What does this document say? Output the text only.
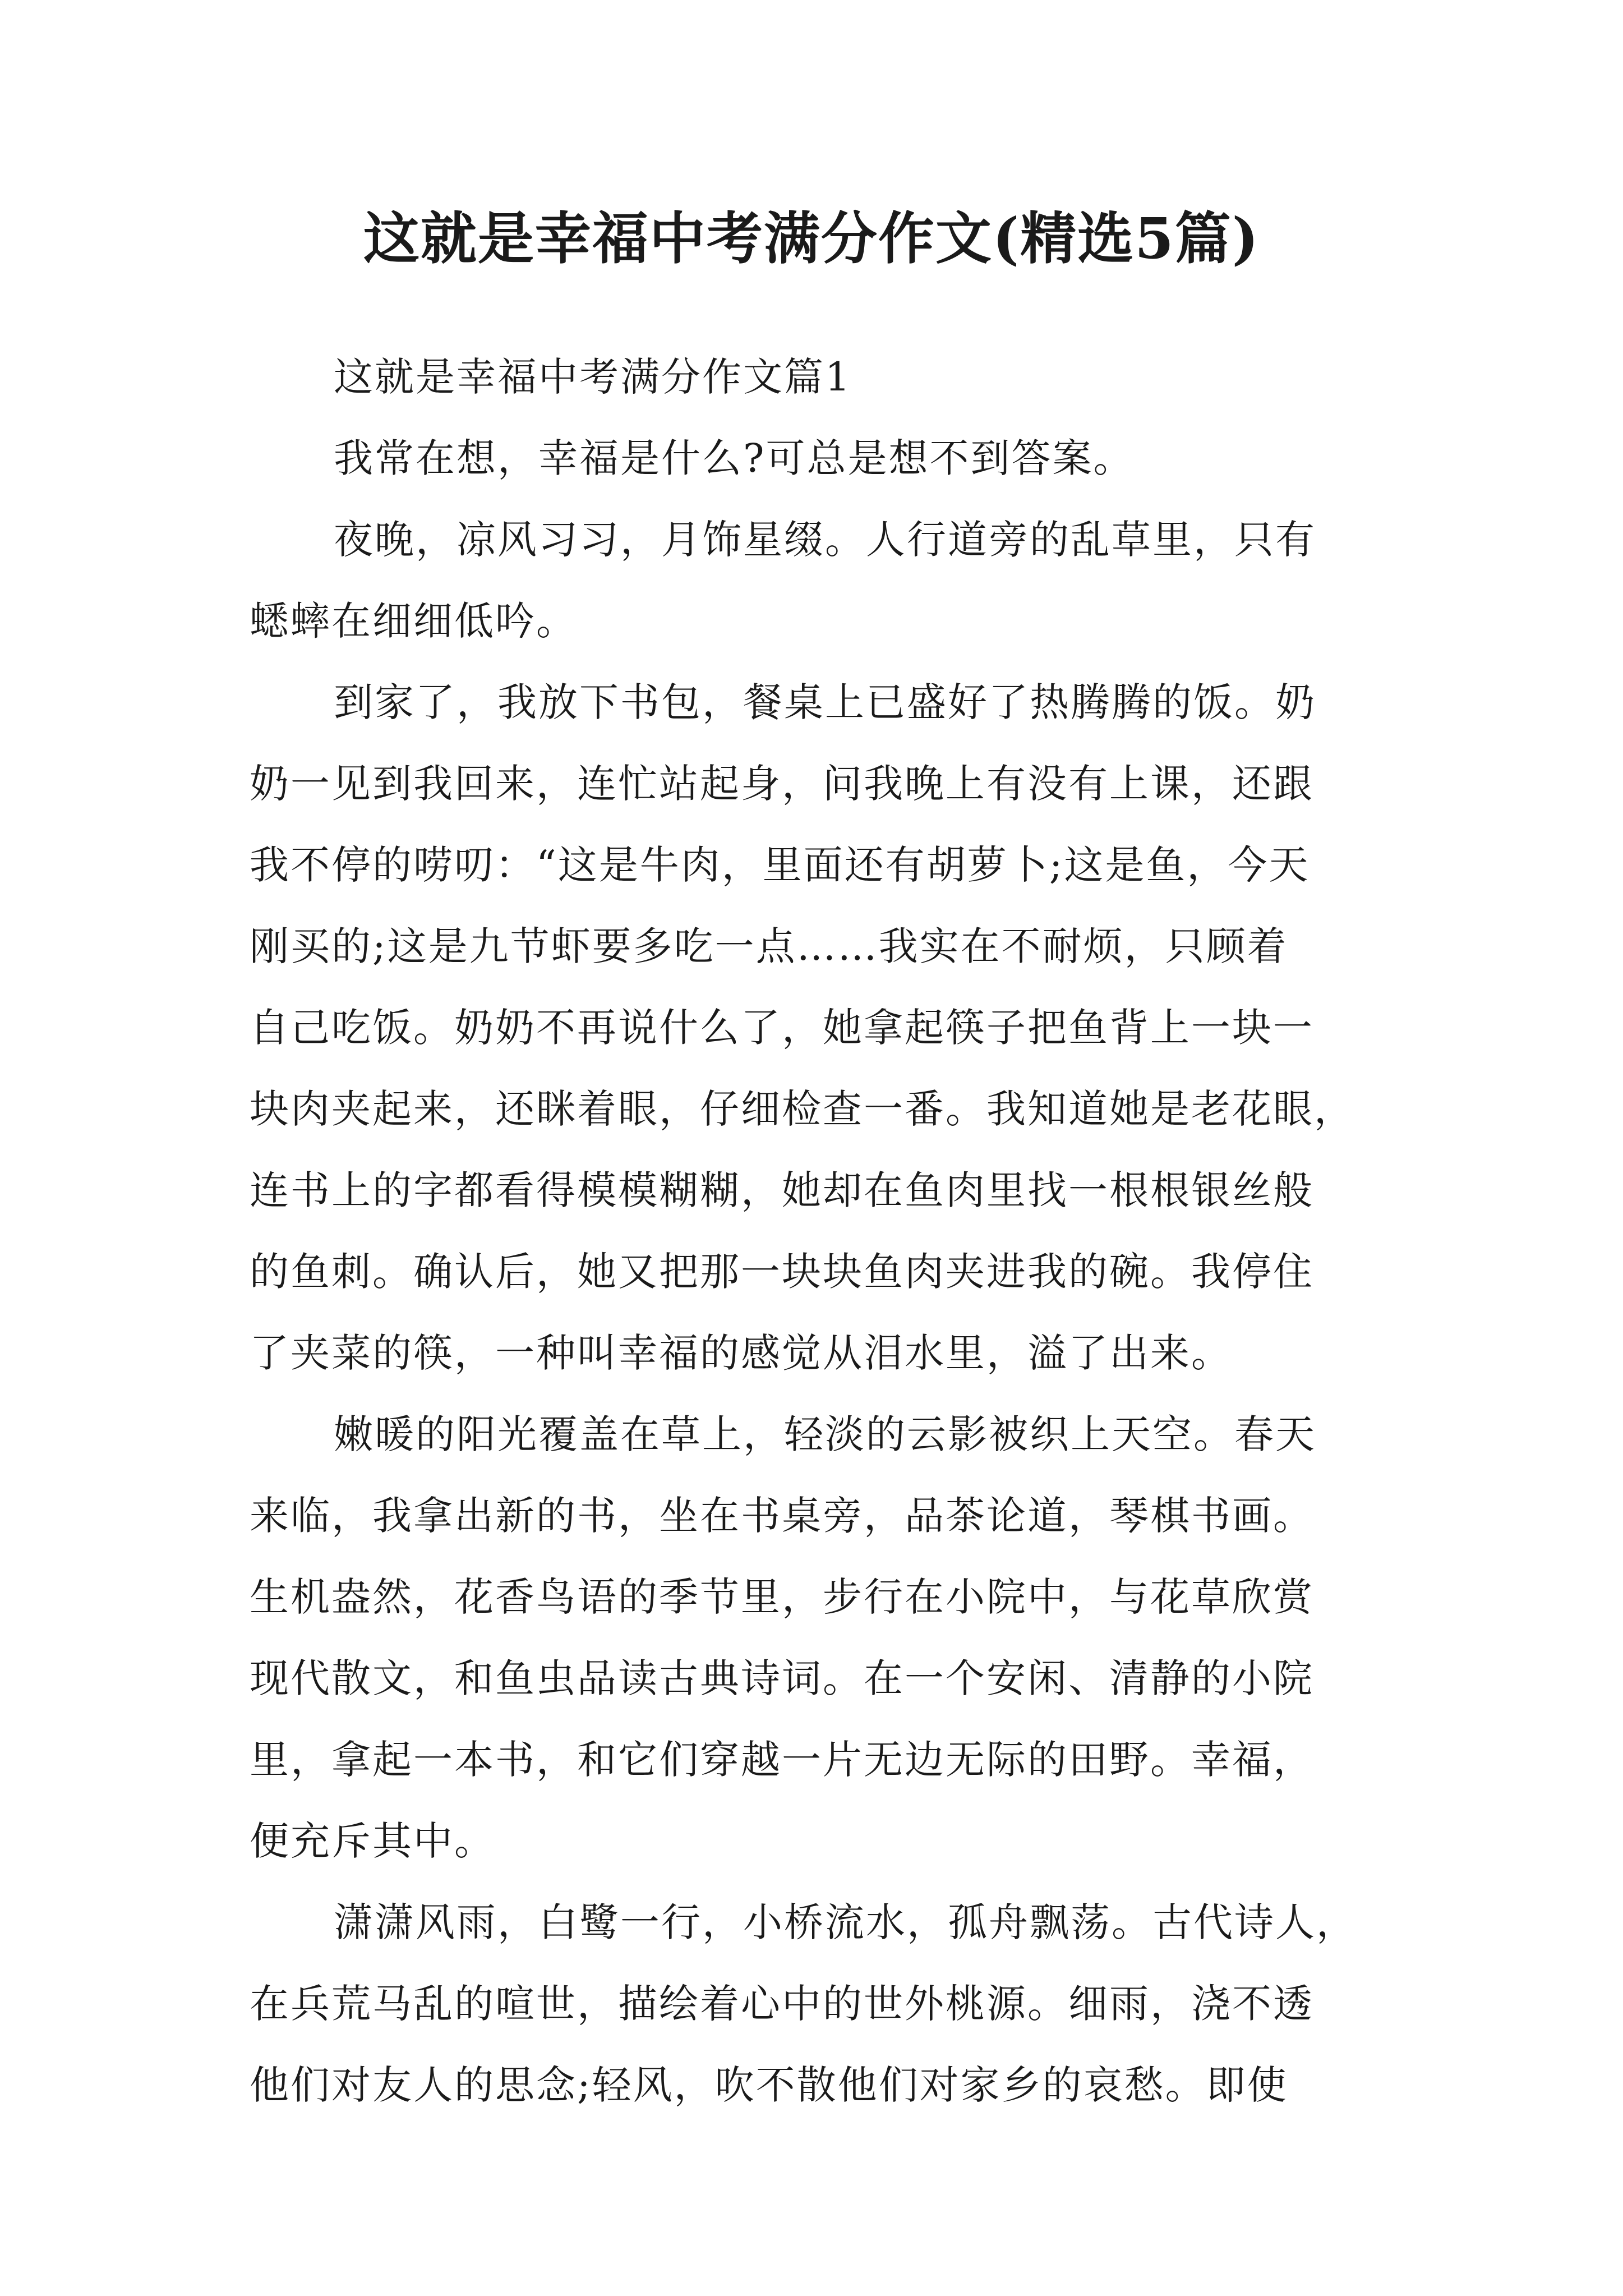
这就是幸福中考满分作文(精选5篇)
这就是幸福中考满分作文篇1
我常在想，幸福是什么?可总是想不到答案。
夜晚，凉风习习，月饰星缀。人行道旁的乱草里，只有
蟋蟀在细细低吟。
到家了，我放下书包，餐桌上已盛好了热腾腾的饭。奶
奶一见到我回来，连忙站起身，问我晚上有没有上课，还跟
我不停的唠叨：“这是牛肉，里面还有胡萝卜;这是鱼，今天
刚买的;这是九节虾要多吃一点……我实在不耐烦，只顾着
自己吃饭。奶奶不再说什么了，她拿起筷子把鱼背上一块一
块肉夹起来，还眯着眼，仔细检查一番。我知道她是老花眼，
连书上的字都看得模模糊糊，她却在鱼肉里找一根根银丝般
的鱼刺。确认后，她又把那一块块鱼肉夹进我的碗。我停住
了夹菜的筷，一种叫幸福的感觉从泪水里，溢了出来。
嫩暖的阳光覆盖在草上，轻淡的云影被织上天空。春天
来临，我拿出新的书，坐在书桌旁，品茶论道，琴棋书画。
生机盎然，花香鸟语的季节里，步行在小院中，与花草欣赏
现代散文，和鱼虫品读古典诗词。在一个安闲、清静的小院
里，拿起一本书，和它们穿越一片无边无际的田野。幸福，
便充斥其中。
潇潇风雨，白鹭一行，小桥流水，孤舟飘荡。古代诗人，
在兵荒马乱的喧世，描绘着心中的世外桃源。细雨，浇不透
他们对友人的思念;轻风，吹不散他们对家乡的哀愁。即使
